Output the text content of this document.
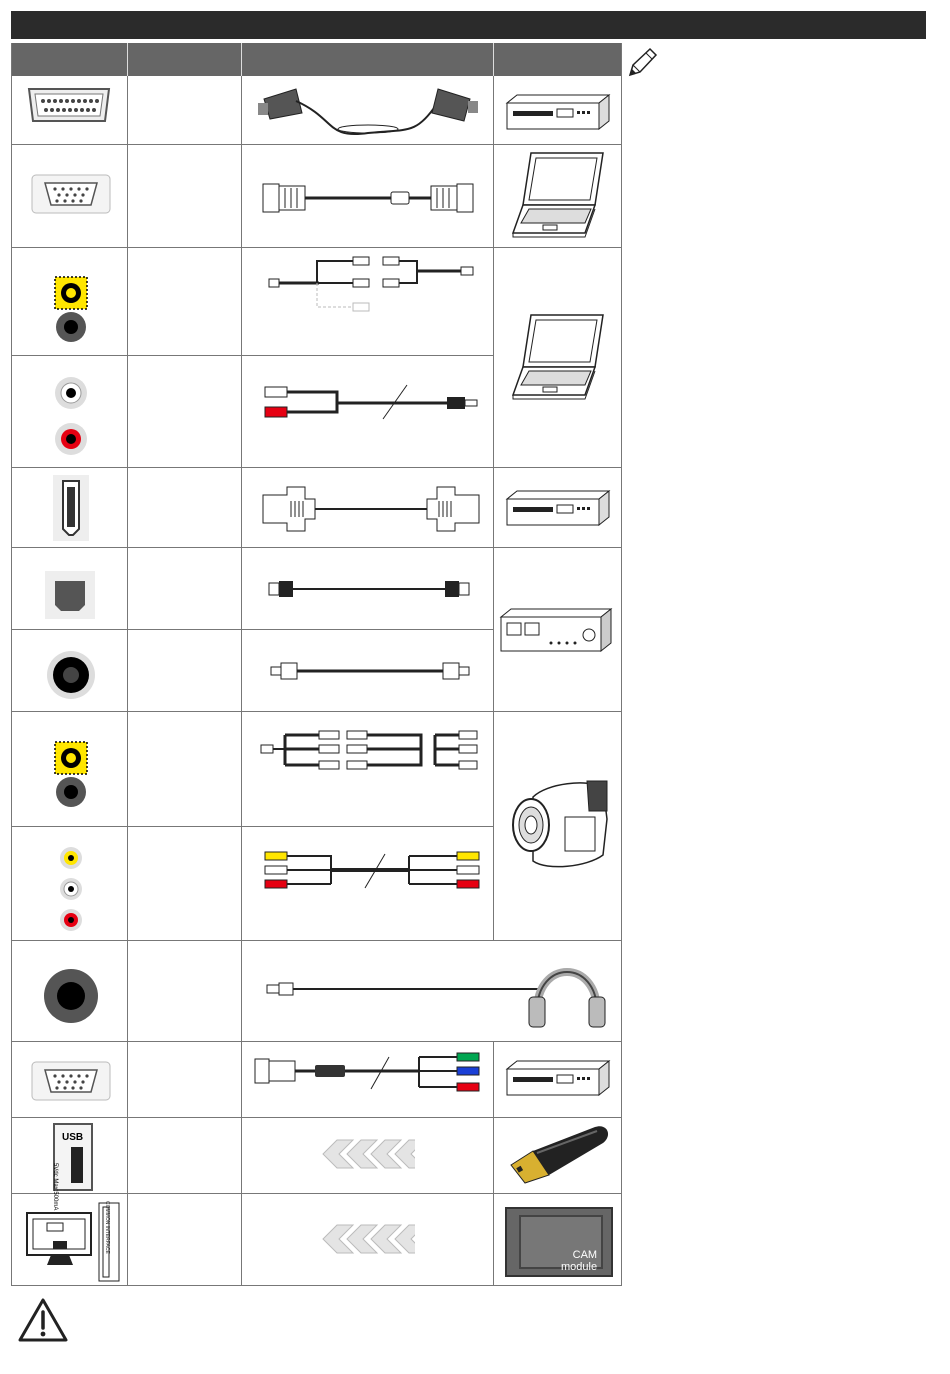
USB
5Vdc Max:500mA
COMMON INTERFACE
CAM
module
